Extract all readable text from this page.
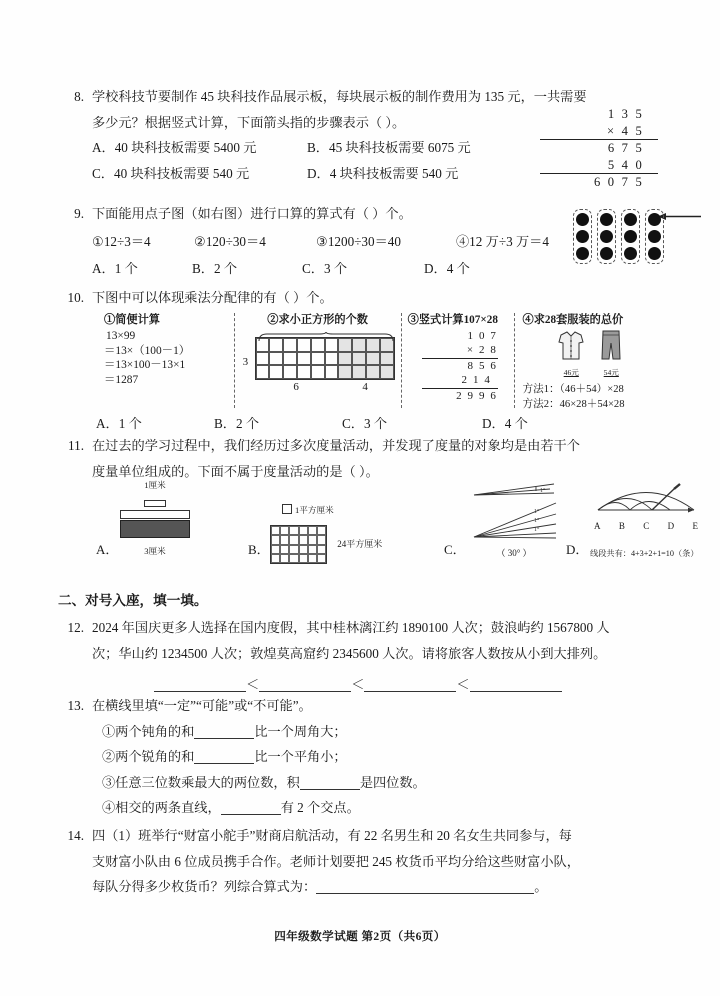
8. 学校科技节要制作 45 块科技作品展示板，每块展示板的制作费用为 135 元，一共需要
多少元？根据竖式计算，下面箭头指的步骤表示（ ）。
A．40 块科技板需要 5400 元	B．45 块科技板需要 6075 元
C．40 块科技板需要 540 元	D．4 块科技板需要 540 元
1 3 5
× 4 5
6 7 5
5 4 0
6 0 7 5
9. 下面能用点子图（如右图）进行口算的算式有（ ）个。
①12÷3＝4	②120÷30＝4	③1200÷30＝40	④12 万÷3 万＝4
A．1 个	B．2 个	C．3 个	D．4 个
10. 下图中可以体现乘法分配律的有（ ）个。
①简便计算
13×99
＝13×（100－1）
＝13×100－13×1
＝1287
②求小正方形的个数
3
6	4
③竖式计算107×28
1 0 7
× 2 8
8 5 6
2 1 4
2 9 9 6
④求28套服装的总价
46元	54元
方法1：（46＋54）×28
方法2：46×28＋54×28
A．1 个	B．2 个	C．3 个	D．4 个
11. 在过去的学习过程中，我们经历过多次度量活动，并发现了度量的对象均是由若干个
度量单位组成的。下面不属于度量活动的是（ ）。
A．
1厘米
3厘米	B．
1平方厘米
24平方厘米	C．
1°
1°
1°
1°
（ 30° ）	D．
A B C D E
线段共有：4+3+2+1=10（条）
二、对号入座，填一填。
12. 2024 年国庆更多人选择在国内度假，其中桂林漓江约 1890100 人次；鼓浪屿约 1567800 人
次；华山约 1234500 人次；敦煌莫高窟约 2345600 人次。请将旅客人数按从小到大排列。
＜	＜	＜
13. 在横线里填“一定”“可能”或“不可能”。
①两个钝角的和	比一个周角大；
②两个锐角的和	比一个平角小；
③任意三位数乘最大的两位数，积	是四位数。
④相交的两条直线，	有 2 个交点。
14. 四（1）班举行“财富小舵手”财商启航活动，有 22 名男生和 20 名女生共同参与，每
支财富小队由 6 位成员携手合作。老师计划要把 245 枚货币平均分给这些财富小队，
每队分得多少枚货币？列综合算式为：	。
四年级数学试题 第2页（共6页）
